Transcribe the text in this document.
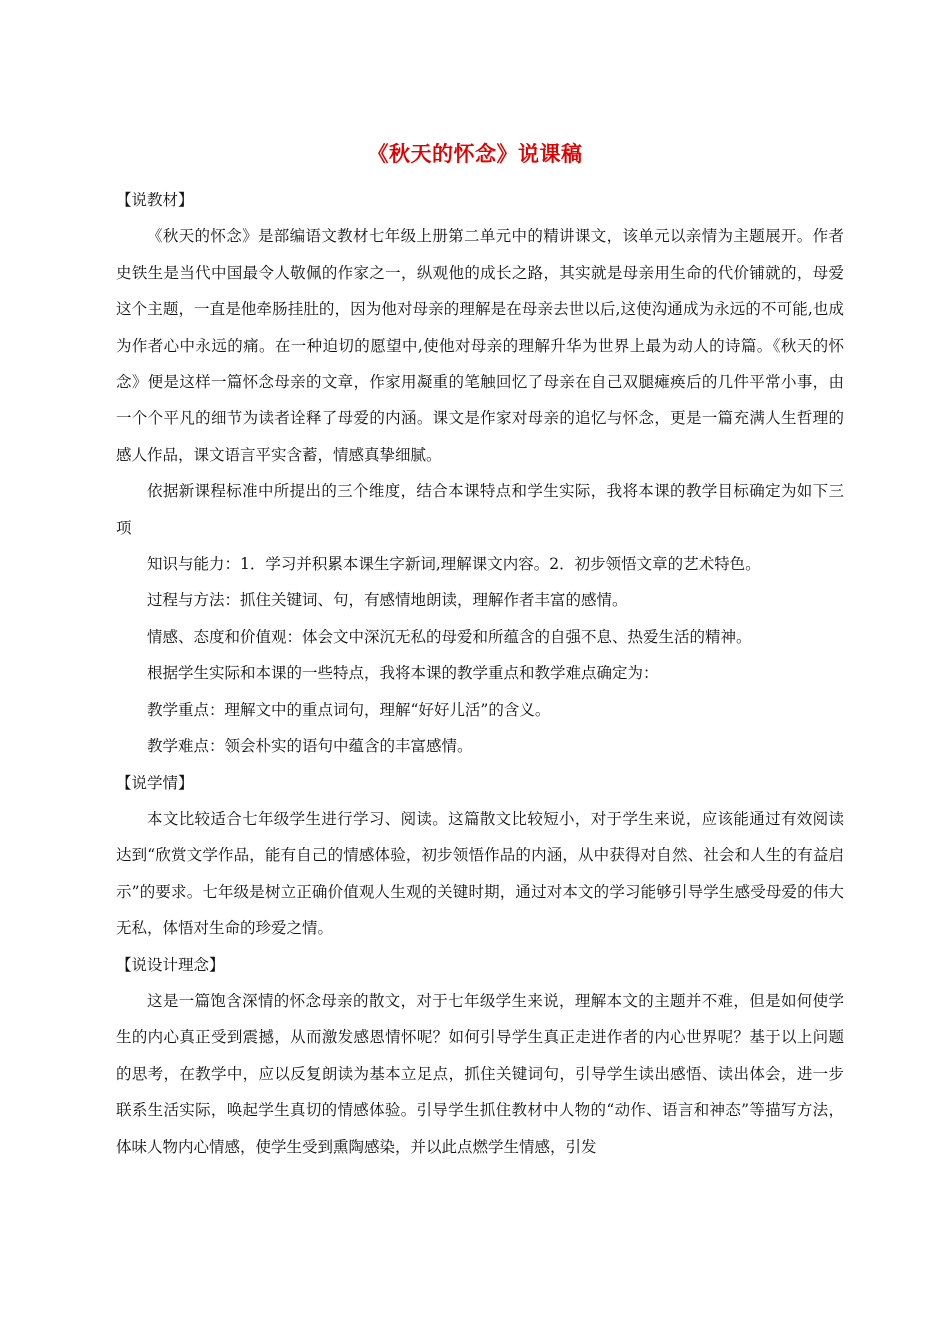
《秋天的怀念》说课稿

【说教材】

《秋天的怀念》是部编语文教材七年级上册第二单元中的精讲课文，该单元以亲情为主题展开。作者史铁生是当代中国最令人敬佩的作家之一，纵观他的成长之路，其实就是母亲用生命的代价铺就的，母爱这个主题，一直是他牵肠挂肚的，因为他对母亲的理解是在母亲去世以后,这使沟通成为永远的不可能,也成为作者心中永远的痛。在一种迫切的愿望中,使他对母亲的理解升华为世界上最为动人的诗篇。《秋天的怀念》便是这样一篇怀念母亲的文章，作家用凝重的笔触回忆了母亲在自己双腿瘫痪后的几件平常小事，由一个个平凡的细节为读者诠释了母爱的内涵。课文是作家对母亲的追忆与怀念，更是一篇充满人生哲理的感人作品，课文语言平实含蓄，情感真挚细腻。

依据新课程标准中所提出的三个维度，结合本课特点和学生实际，我将本课的教学目标确定为如下三项

知识与能力：1．学习并积累本课生字新词,理解课文内容。2．初步领悟文章的艺术特色。

过程与方法：抓住关键词、句，有感情地朗读，理解作者丰富的感情。

情感、态度和价值观：体会文中深沉无私的母爱和所蕴含的自强不息、热爱生活的精神。

根据学生实际和本课的一些特点，我将本课的教学重点和教学难点确定为：

教学重点：理解文中的重点词句，理解“好好儿活”的含义。

教学难点：领会朴实的语句中蕴含的丰富感情。

【说学情】

本文比较适合七年级学生进行学习、阅读。这篇散文比较短小，对于学生来说，应该能通过有效阅读达到“欣赏文学作品，能有自己的情感体验，初步领悟作品的内涵，从中获得对自然、社会和人生的有益启示”的要求。七年级是树立正确价值观人生观的关键时期，通过对本文的学习能够引导学生感受母爱的伟大无私，体悟对生命的珍爱之情。

【说设计理念】

这是一篇饱含深情的怀念母亲的散文，对于七年级学生来说，理解本文的主题并不难，但是如何使学生的内心真正受到震撼，从而激发感恩情怀呢？如何引导学生真正走进作者的内心世界呢？基于以上问题的思考，在教学中，应以反复朗读为基本立足点，抓住关键词句，引导学生读出感悟、读出体会，进一步联系生活实际，唤起学生真切的情感体验。引导学生抓住教材中人物的“动作、语言和神态”等描写方法，体味人物内心情感，使学生受到熏陶感染，并以此点燃学生情感，引发
